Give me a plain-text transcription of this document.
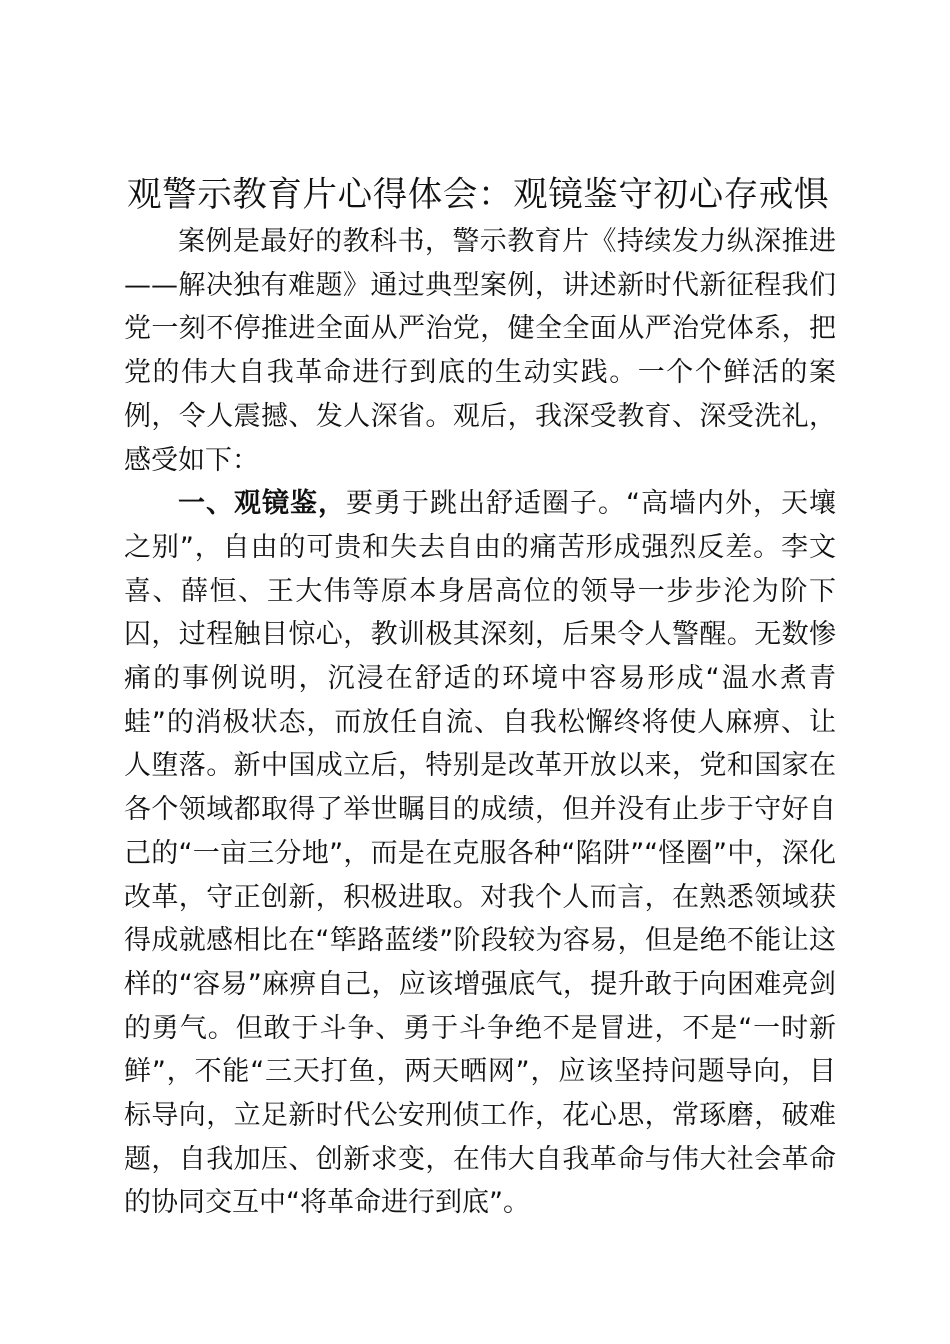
观警示教育片心得体会：观镜鉴守初心存戒惧

案例是最好的教科书，警示教育片《持续发力纵深推进——解决独有难题》通过典型案例，讲述新时代新征程我们党一刻不停推进全面从严治党，健全全面从严治党体系，把党的伟大自我革命进行到底的生动实践。一个个鲜活的案例，令人震撼、发人深省。观后，我深受教育、深受洗礼，感受如下：

一、观镜鉴，要勇于跳出舒适圈子。“高墙内外，天壤之别”，自由的可贵和失去自由的痛苦形成强烈反差。李文喜、薛恒、王大伟等原本身居高位的领导一步步沦为阶下囚，过程触目惊心，教训极其深刻，后果令人警醒。无数惨痛的事例说明，沉浸在舒适的环境中容易形成“温水煮青蛙”的消极状态，而放任自流、自我松懈终将使人麻痹、让人堕落。新中国成立后，特别是改革开放以来，党和国家在各个领域都取得了举世瞩目的成绩，但并没有止步于守好自己的“一亩三分地”，而是在克服各种“陷阱”“怪圈”中，深化改革，守正创新，积极进取。对我个人而言，在熟悉领域获得成就感相比在“筚路蓝缕”阶段较为容易，但是绝不能让这样的“容易”麻痹自己，应该增强底气，提升敢于向困难亮剑的勇气。但敢于斗争、勇于斗争绝不是冒进，不是“一时新鲜”，不能“三天打鱼，两天晒网”，应该坚持问题导向，目标导向，立足新时代公安刑侦工作，花心思，常琢磨，破难题，自我加压、创新求变，在伟大自我革命与伟大社会革命的协同交互中“将革命进行到底”。
